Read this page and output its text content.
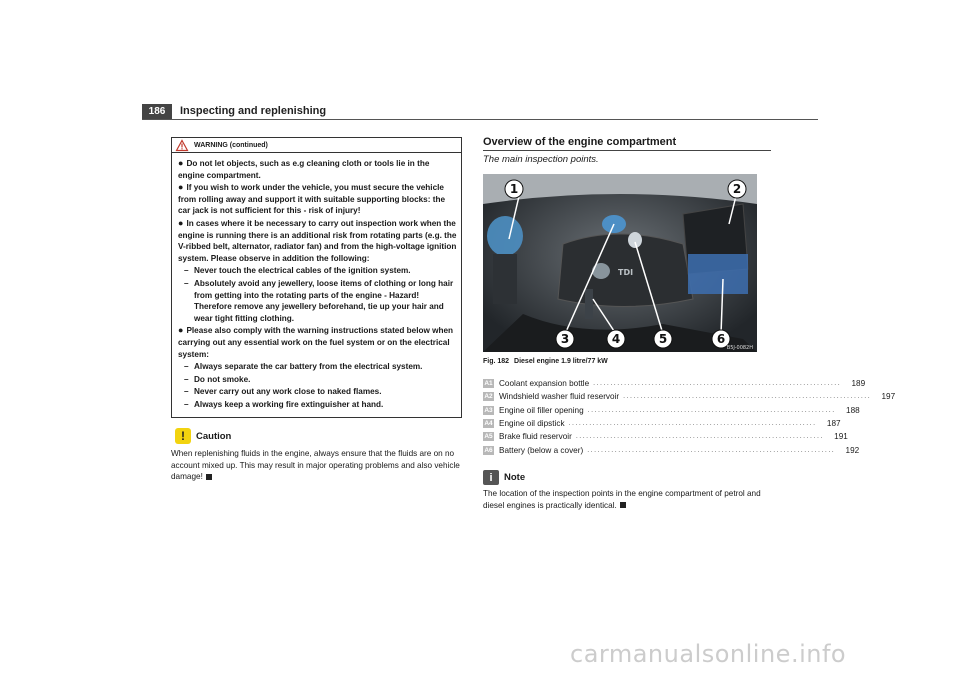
186	Inspecting and replenishing
WARNING (continued)
● Do not let objects, such as e.g cleaning cloth or tools lie in the engine compartment.
● If you wish to work under the vehicle, you must secure the vehicle from rolling away and support it with suitable supporting blocks: the car jack is not sufficient for this - risk of injury!
● In cases where it be necessary to carry out inspection work when the engine is running there is an additional risk from rotating parts (e.g. the V-ribbed belt, alternator, radiator fan) and from the high-voltage ignition system. Please observe in addition the following:
– Never touch the electrical cables of the ignition system.
– Absolutely avoid any jewellery, loose items of clothing or long hair from getting into the rotating parts of the engine - Hazard! Therefore remove any jewellery beforehand, tie up your hair and wear tight fitting clothing.
● Please also comply with the warning instructions stated below when carrying out any essential work on the fuel system or on the electrical system:
– Always separate the car battery from the electrical system.
– Do not smoke.
– Never carry out any work close to naked flames.
– Always keep a working fire extinguisher at hand.
!	Caution
When replenishing fluids in the engine, always ensure that the fluids are on no account mixed up. This may result in major operating problems and also vehicle damage!
Overview of the engine compartment
The main inspection points.
TDI
1	2
3	4	5	6
B5J-0082H
Fig. 182 Diesel engine 1.9 litre/77 kW
A1 Coolant expansion bottle ........................................................................	189
A2 Windshield washer fluid reservoir ........................................................................	197
A3 Engine oil filler opening ........................................................................	188
A4 Engine oil dipstick ........................................................................	187
A5 Brake fluid reservoir ........................................................................	191
A6 Battery (below a cover) ........................................................................	192
i	Note
The location of the inspection points in the engine compartment of petrol and diesel engines is practically identical.
carmanualsonline.info
